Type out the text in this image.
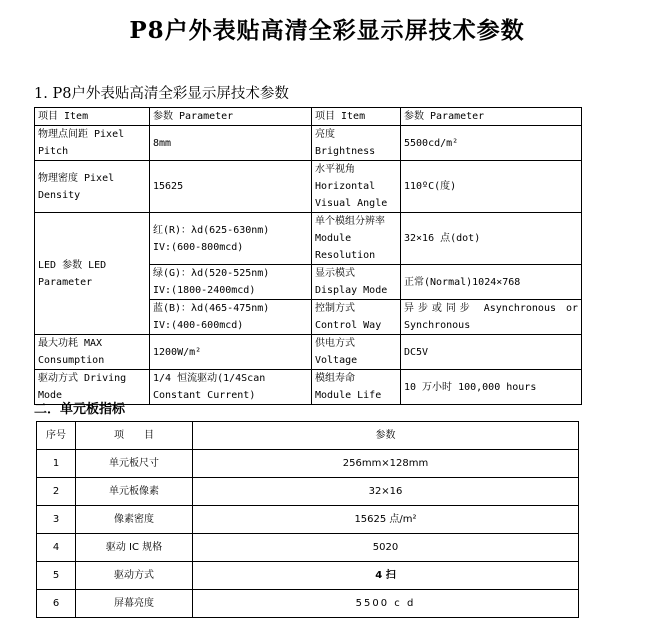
P8户外表贴高清全彩显示屏技术参数
1. P8户外表贴高清全彩显示屏技术参数
项目 Item	参数 Parameter	项目 Item	参数 Parameter
物理点间距 Pixel Pitch	8mm	亮度
Brightness	5500cd/m²
物理密度 Pixel Density	15625	水平视角
Horizontal
Visual Angle	110ºC(度)
LED 参数 LED Parameter	红(R)：λd(625-630nm)
IV:(600-800mcd)	单个模组分辨率 Module Resolution	32×16 点(dot)
	绿(G)：λd(520-525nm)
IV:(1800-2400mcd)	显示模式
Display Mode	正常(Normal)1024×768
	蓝(B)：λd(465-475nm)
IV:(400-600mcd)	控制方式
Control Way	异步或同步 Asynchronous or Synchronous
最大功耗 MAX Consumption	1200W/m²	供电方式
Voltage	DC5V
驱动方式 Driving Mode	1/4 恒流驱动(1/4Scan Constant Current)	模组寿命
Module Life	10 万小时 100,000 hours
二．单元板指标
序号	项　　目	参数
1	单元板尺寸	256mm×128mm
2	单元板像素	32×16
3	像素密度	15625 点/m²
4	驱动 IC 规格	5020
5	驱动方式	4 扫
6	屏幕亮度	5500 c d
